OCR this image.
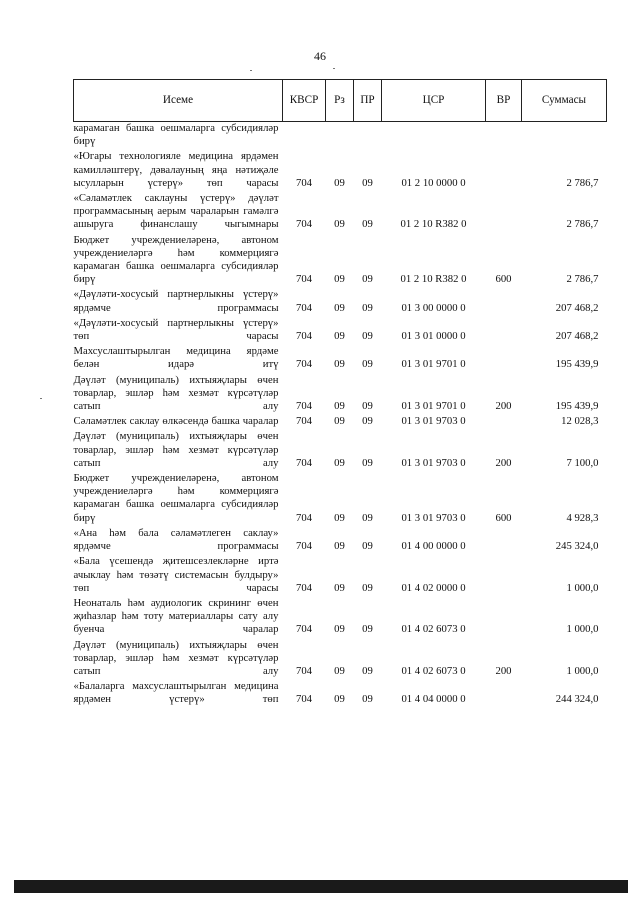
46
Исеме	КВСР	Рз	ПР	ЦСР	ВР	Суммасы
карамаган башка оешмаларга субсидияләр бирү						
«Югары технологияле медицина ярдәмен камилләштерү, дәвалауның яңа нәтиҗәле ысулларын үстерү» төп чарасы	704	09	09	01 2 10 0000 0		2 786,7
«Сәламәтлек саклауны үстерү» дәүләт программасының аерым чараларын гамәлгә ашыруга финанслашу чыгымнары	704	09	09	01 2 10 R382 0		2 786,7
Бюджет учреждениеләренә, автоном учреждениеләргә һәм коммерциягә карамаган башка оешмаларга субсидияләр бирү	704	09	09	01 2 10 R382 0	600	2 786,7
«Дәүләти-хосусый партнерлыкны үстерү» ярдәмче программасы	704	09	09	01 3 00 0000 0		207 468,2
«Дәүләти-хосусый партнерлыкны үстерү» төп чарасы	704	09	09	01 3 01 0000 0		207 468,2
Махсуслаштырылган медицина ярдәме белән идарә итү	704	09	09	01 3 01 9701 0		195 439,9
Дәүләт (муниципаль) ихтыяҗлары өчен товарлар, эшләр һәм хезмәт күрсәтүләр сатып алу	704	09	09	01 3 01 9701 0	200	195 439,9
Сәламәтлек саклау өлкәсендә башка чаралар	704	09	09	01 3 01 9703 0		12 028,3
Дәүләт (муниципаль) ихтыяҗлары өчен товарлар, эшләр һәм хезмәт күрсәтүләр сатып алу	704	09	09	01 3 01 9703 0	200	7 100,0
Бюджет учреждениеләренә, автоном учреждениеләргә һәм коммерциягә карамаган башка оешмаларга субсидияләр бирү	704	09	09	01 3 01 9703 0	600	4 928,3
«Ана һәм бала сәламәтлеген саклау» ярдәмче программасы	704	09	09	01 4 00 0000 0		245 324,0
«Бала үсешендә җитешсезлекләрне иртә ачыклау һәм төзәтү системасын булдыру» төп чарасы	704	09	09	01 4 02 0000 0		1 000,0
Неонаталь һәм аудиологик скрининг өчен җиһазлар һәм тоту материаллары сату алу буенча чаралар	704	09	09	01 4 02 6073 0		1 000,0
Дәүләт (муниципаль) ихтыяҗлары өчен товарлар, эшләр һәм хезмәт күрсәтүләр сатып алу	704	09	09	01 4 02 6073 0	200	1 000,0
«Балаларга махсуслаштырылган медицина ярдәмен үстерү» төп	704	09	09	01 4 04 0000 0		244 324,0
